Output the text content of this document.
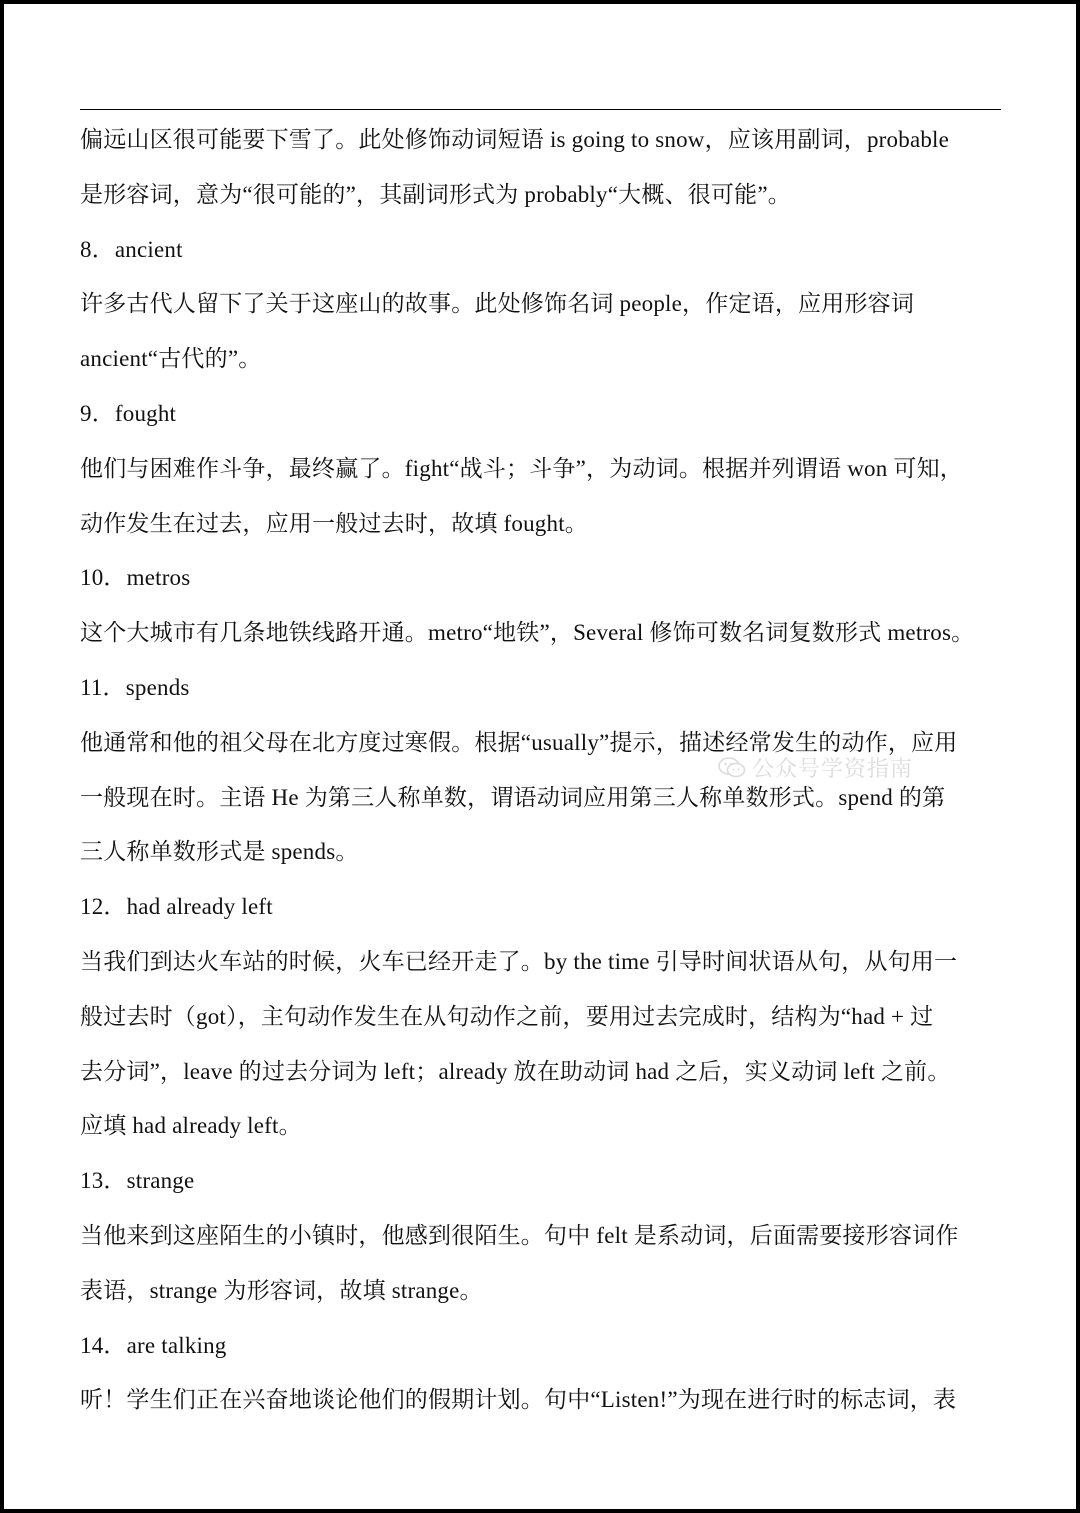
偏远山区很可能要下雪了。此处修饰动词短语 is going to snow，应该用副词，probable
是形容词，意为“很可能的”，其副词形式为 probably“大概、很可能”。
8．ancient
许多古代人留下了关于这座山的故事。此处修饰名词 people，作定语，应用形容词
ancient“古代的”。
9．fought
他们与困难作斗争，最终赢了。fight“战斗；斗争”，为动词。根据并列谓语 won 可知，
动作发生在过去，应用一般过去时，故填 fought。
10．metros
这个大城市有几条地铁线路开通。metro“地铁”，Several 修饰可数名词复数形式 metros。
11．spends
他通常和他的祖父母在北方度过寒假。根据“usually”提示，描述经常发生的动作，应用
一般现在时。主语 He 为第三人称单数，谓语动词应用第三人称单数形式。spend 的第
三人称单数形式是 spends。
12．had already left
当我们到达火车站的时候，火车已经开走了。by the time 引导时间状语从句，从句用一
般过去时（got），主句动作发生在从句动作之前，要用过去完成时，结构为“had + 过
去分词”，leave 的过去分词为 left；already 放在助动词 had 之后，实义动词 left 之前。
应填 had already left。
13．strange
当他来到这座陌生的小镇时，他感到很陌生。句中 felt 是系动词，后面需要接形容词作
表语，strange 为形容词，故填 strange。
14．are talking
听！学生们正在兴奋地谈论他们的假期计划。句中“Listen!”为现在进行时的标志词，表
公众号学资指南
